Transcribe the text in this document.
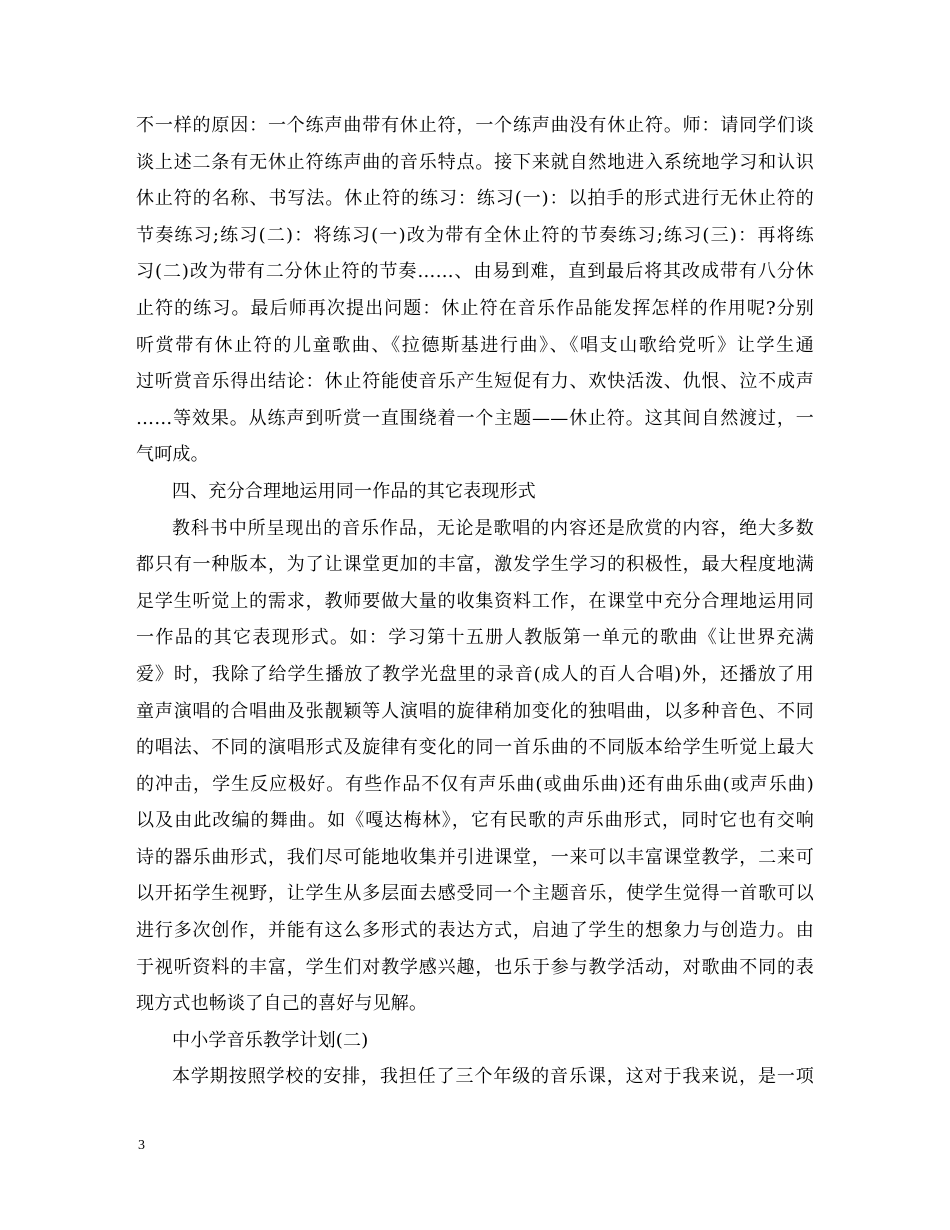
不一样的原因：一个练声曲带有休止符，一个练声曲没有休止符。师：请同学们谈
谈上述二条有无休止符练声曲的音乐特点。接下来就自然地进入系统地学习和认识
休止符的名称、书写法。休止符的练习：练习(一)：以拍手的形式进行无休止符的
节奏练习;练习(二)：将练习(一)改为带有全休止符的节奏练习;练习(三)：再将练
习(二)改为带有二分休止符的节奏……、由易到难，直到最后将其改成带有八分休
止符的练习。最后师再次提出问题：休止符在音乐作品能发挥怎样的作用呢?分别
听赏带有休止符的儿童歌曲、《拉德斯基进行曲》、《唱支山歌给党听》让学生通
过听赏音乐得出结论：休止符能使音乐产生短促有力、欢快活泼、仇恨、泣不成声
……等效果。从练声到听赏一直围绕着一个主题——休止符。这其间自然渡过，一
气呵成。
四、充分合理地运用同一作品的其它表现形式
教科书中所呈现出的音乐作品，无论是歌唱的内容还是欣赏的内容，绝大多数
都只有一种版本，为了让课堂更加的丰富，激发学生学习的积极性，最大程度地满
足学生听觉上的需求，教师要做大量的收集资料工作，在课堂中充分合理地运用同
一作品的其它表现形式。如：学习第十五册人教版第一单元的歌曲《让世界充满
爱》时，我除了给学生播放了教学光盘里的录音(成人的百人合唱)外，还播放了用
童声演唱的合唱曲及张靓颖等人演唱的旋律稍加变化的独唱曲，以多种音色、不同
的唱法、不同的演唱形式及旋律有变化的同一首乐曲的不同版本给学生听觉上最大
的冲击，学生反应极好。有些作品不仅有声乐曲(或曲乐曲)还有曲乐曲(或声乐曲)
以及由此改编的舞曲。如《嘎达梅林》，它有民歌的声乐曲形式，同时它也有交响
诗的器乐曲形式，我们尽可能地收集并引进课堂，一来可以丰富课堂教学，二来可
以开拓学生视野，让学生从多层面去感受同一个主题音乐，使学生觉得一首歌可以
进行多次创作，并能有这么多形式的表达方式，启迪了学生的想象力与创造力。由
于视听资料的丰富，学生们对教学感兴趣，也乐于参与教学活动，对歌曲不同的表
现方式也畅谈了自己的喜好与见解。
中小学音乐教学计划(二)
本学期按照学校的安排，我担任了三个年级的音乐课，这对于我来说，是一项
3
